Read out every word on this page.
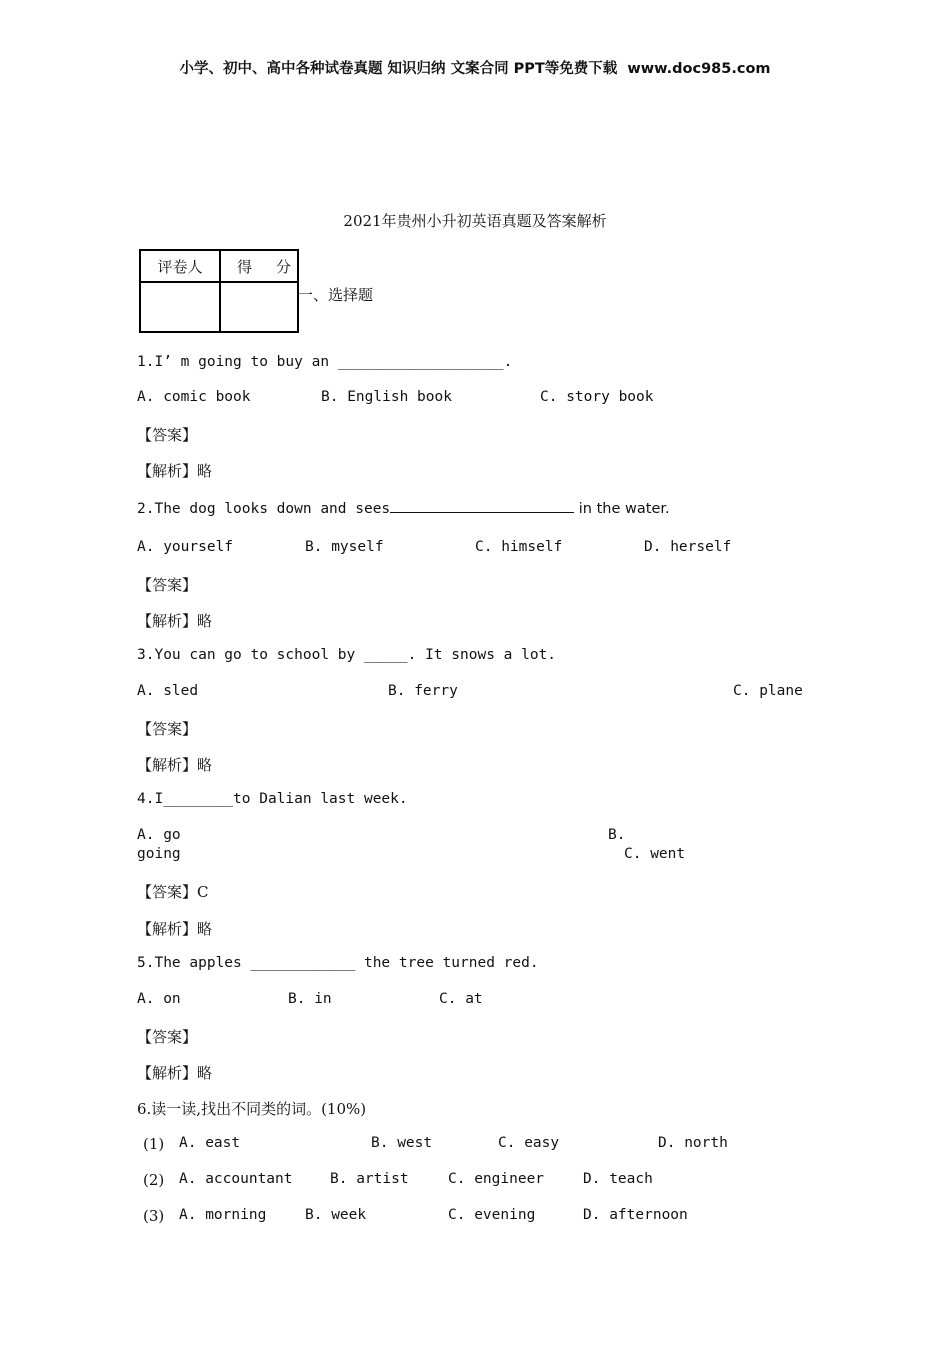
小学、初中、高中各种试卷真题 知识归纳 文案合同 PPT等免费下载  www.doc985.com
2021年贵州小升初英语真题及答案解析
评卷人	得 分

一、选择题
1.I’ m going to buy an ___________________.
A. comic book	B. English book	C. story book
【答案】
【解析】略
2.The dog looks down and sees	in the water.
A. yourself	B. myself	C. himself	D. herself
【答案】
【解析】略
3.You can go to school by _____. It snows a lot.
A. sled	B. ferry	C. plane
【答案】
【解析】略
4.I________to Dalian last week.
A. go	B.
going	C. went
【答案】C
【解析】略
5.The apples ____________ the tree turned red.
A. on	B. in	C. at
【答案】
【解析】略
6.读一读,找出不同类的词。(10%)
(1) A. east	B. west	C. easy	D. north
(2) A. accountant	B. artist	C. engineer	D. teach
(3) A. morning	B. week	C. evening	D. afternoon
